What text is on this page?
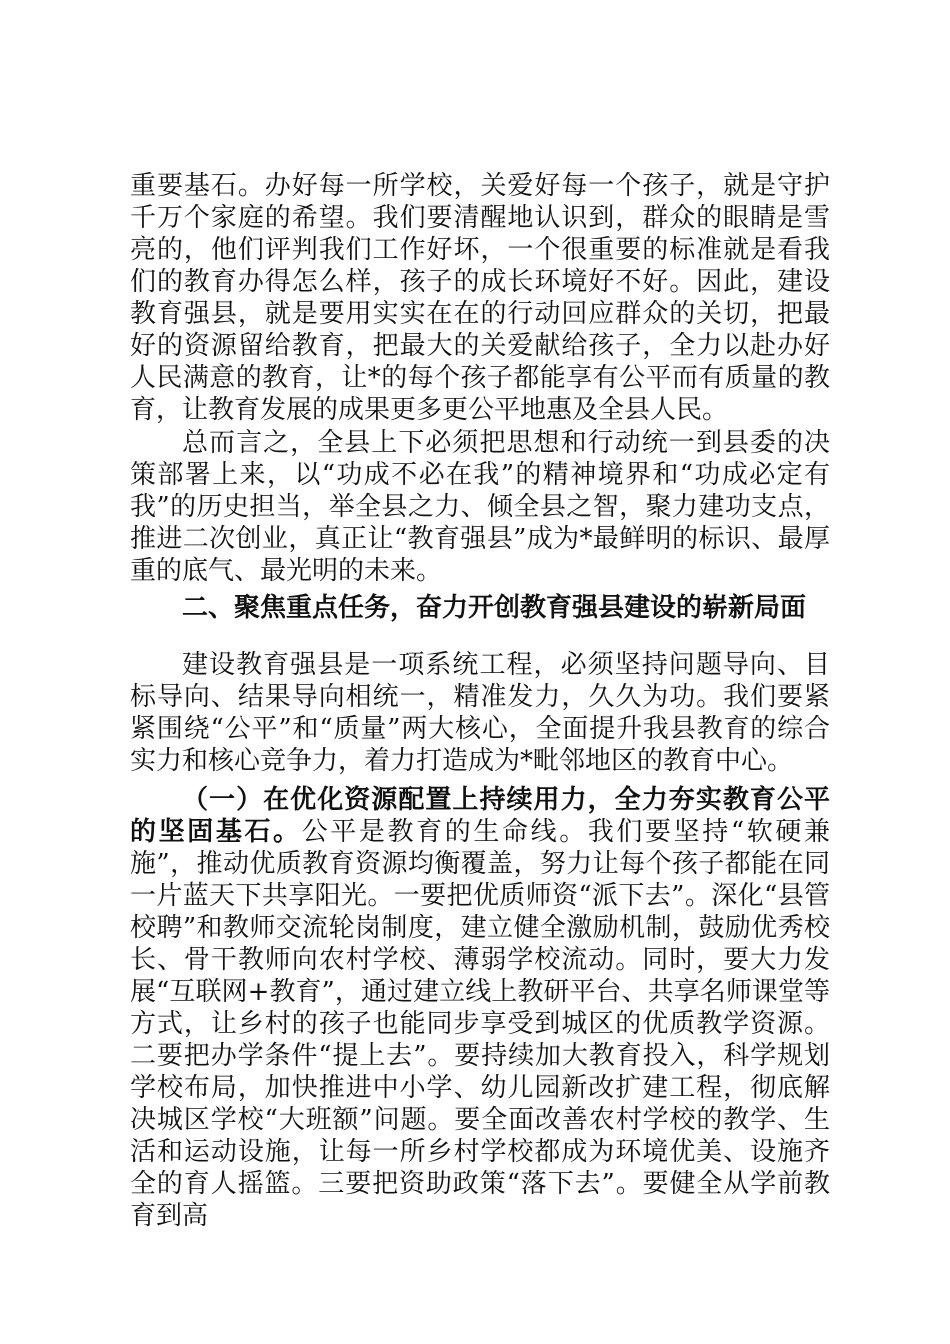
重要基石。办好每一所学校，关爱好每一个孩子，就是守护千万个家庭的希望。我们要清醒地认识到，群众的眼睛是雪亮的，他们评判我们工作好坏，一个很重要的标准就是看我们的教育办得怎么样，孩子的成长环境好不好。因此，建设教育强县，就是要用实实在在的行动回应群众的关切，把最好的资源留给教育，把最大的关爱献给孩子，全力以赴办好人民满意的教育，让*的每个孩子都能享有公平而有质量的教育，让教育发展的成果更多更公平地惠及全县人民。

总而言之，全县上下必须把思想和行动统一到县委的决策部署上来，以“功成不必在我”的精神境界和“功成必定有我”的历史担当，举全县之力、倾全县之智，聚力建功支点，推进二次创业，真正让“教育强县”成为*最鲜明的标识、最厚重的底气、最光明的未来。

二、聚焦重点任务，奋力开创教育强县建设的崭新局面

建设教育强县是一项系统工程，必须坚持问题导向、目标导向、结果导向相统一，精准发力，久久为功。我们要紧紧围绕“公平”和“质量”两大核心，全面提升我县教育的综合实力和核心竞争力，着力打造成为*毗邻地区的教育中心。

（一）在优化资源配置上持续用力，全力夯实教育公平的坚固基石。公平是教育的生命线。我们要坚持“软硬兼施”，推动优质教育资源均衡覆盖，努力让每个孩子都能在同一片蓝天下共享阳光。一要把优质师资“派下去”。深化“县管校聘”和教师交流轮岗制度，建立健全激励机制，鼓励优秀校长、骨干教师向农村学校、薄弱学校流动。同时，要大力发展“互联网+教育”，通过建立线上教研平台、共享名师课堂等方式，让乡村的孩子也能同步享受到城区的优质教学资源。二要把办学条件“提上去”。要持续加大教育投入，科学规划学校布局，加快推进中小学、幼儿园新改扩建工程，彻底解决城区学校“大班额”问题。要全面改善农村学校的教学、生活和运动设施，让每一所乡村学校都成为环境优美、设施齐全的育人摇篮。三要把资助政策“落下去”。要健全从学前教育到高
